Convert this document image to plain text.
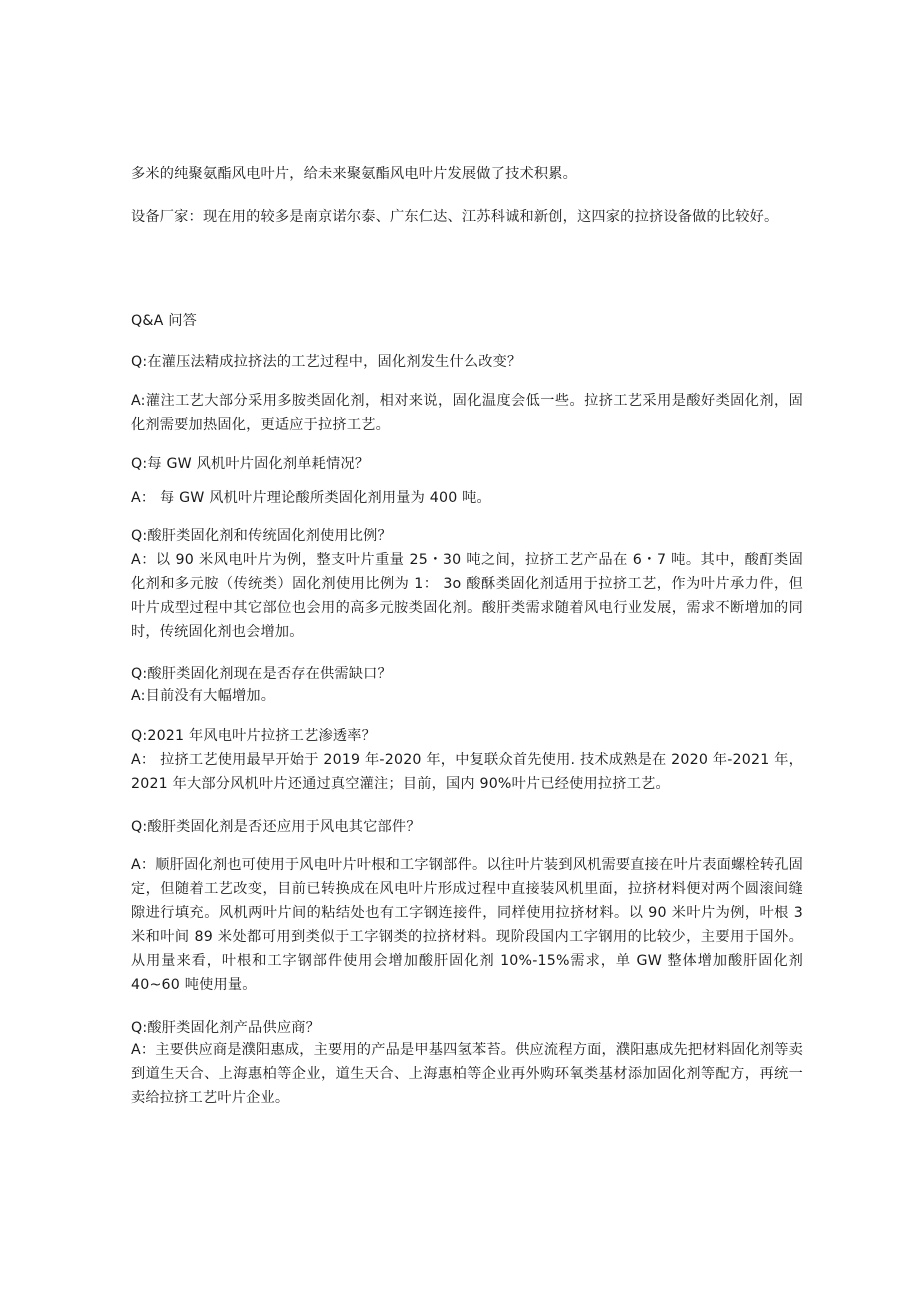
多米的纯聚氨酯风电叶片，给未来聚氨酯风电叶片发展做了技术积累。

设备厂家：现在用的较多是南京诺尔泰、广东仁达、江苏科诚和新创，这四家的拉挤设备做的比较好。

Q&A 问答

Q:在灌压法精成拉挤法的工艺过程中，固化剂发生什么改变？

A:灌注工艺大部分采用多胺类固化剂，相对来说，固化温度会低一些。拉挤工艺采用是酸好类固化剂，固化剂需要加热固化，更适应于拉挤工艺。

Q:每 GW 风机叶片固化剂单耗情况？

A： 每 GW 风机叶片理论酸所类固化剂用量为 400 吨。

Q:酸肝类固化剂和传统固化剂使用比例？

A：以 90 米风电叶片为例，整支叶片重量 25・30 吨之间，拉挤工艺产品在 6・7 吨。其中，酸酊类固化剂和多元胺（传统类）固化剂使用比例为 1： 3o 酸酥类固化剂适用于拉挤工艺，作为叶片承力件，但叶片成型过程中其它部位也会用的高多元胺类固化剂。酸肝类需求随着风电行业发展，需求不断增加的同时，传统固化剂也会增加。

Q:酸肝类固化剂现在是否存在供需缺口？

A:目前没有大幅增加。

Q:2021 年风电叶片拉挤工艺渗透率？

A： 拉挤工艺使用最早开始于 2019 年-2020 年，中复联众首先使用. 技术成熟是在 2020 年-2021 年，2021 年大部分风机叶片还通过真空灌注；目前，国内 90%叶片已经使用拉挤工艺。

Q:酸肝类固化剂是否还应用于风电其它部件？

A：顺肝固化剂也可使用于风电叶片叶根和工字钢部件。以往叶片装到风机需要直接在叶片表面螺栓转孔固定，但随着工艺改变，目前已转换成在风电叶片形成过程中直接装风机里面，拉挤材料便对两个圆滚间缝隙进行填充。风机两叶片间的粘结处也有工字钢连接件，同样使用拉挤材料。以 90 米叶片为例，叶根 3 米和叶间 89 米处都可用到类似于工字钢类的拉挤材料。现阶段国内工字钢用的比较少，主要用于国外。从用量来看，叶根和工字钢部件使用会增加酸肝固化剂 10%-15%需求，单 GW 整体增加酸肝固化剂 40~60 吨使用量。

Q:酸肝类固化剂产品供应商？

A：主要供应商是濮阳惠成，主要用的产品是甲基四氢苯苔。供应流程方面，濮阳惠成先把材料固化剂等卖到道生天合、上海惠柏等企业，道生天合、上海惠柏等企业再外购环氧类基材添加固化剂等配方，再统一卖给拉挤工艺叶片企业。
